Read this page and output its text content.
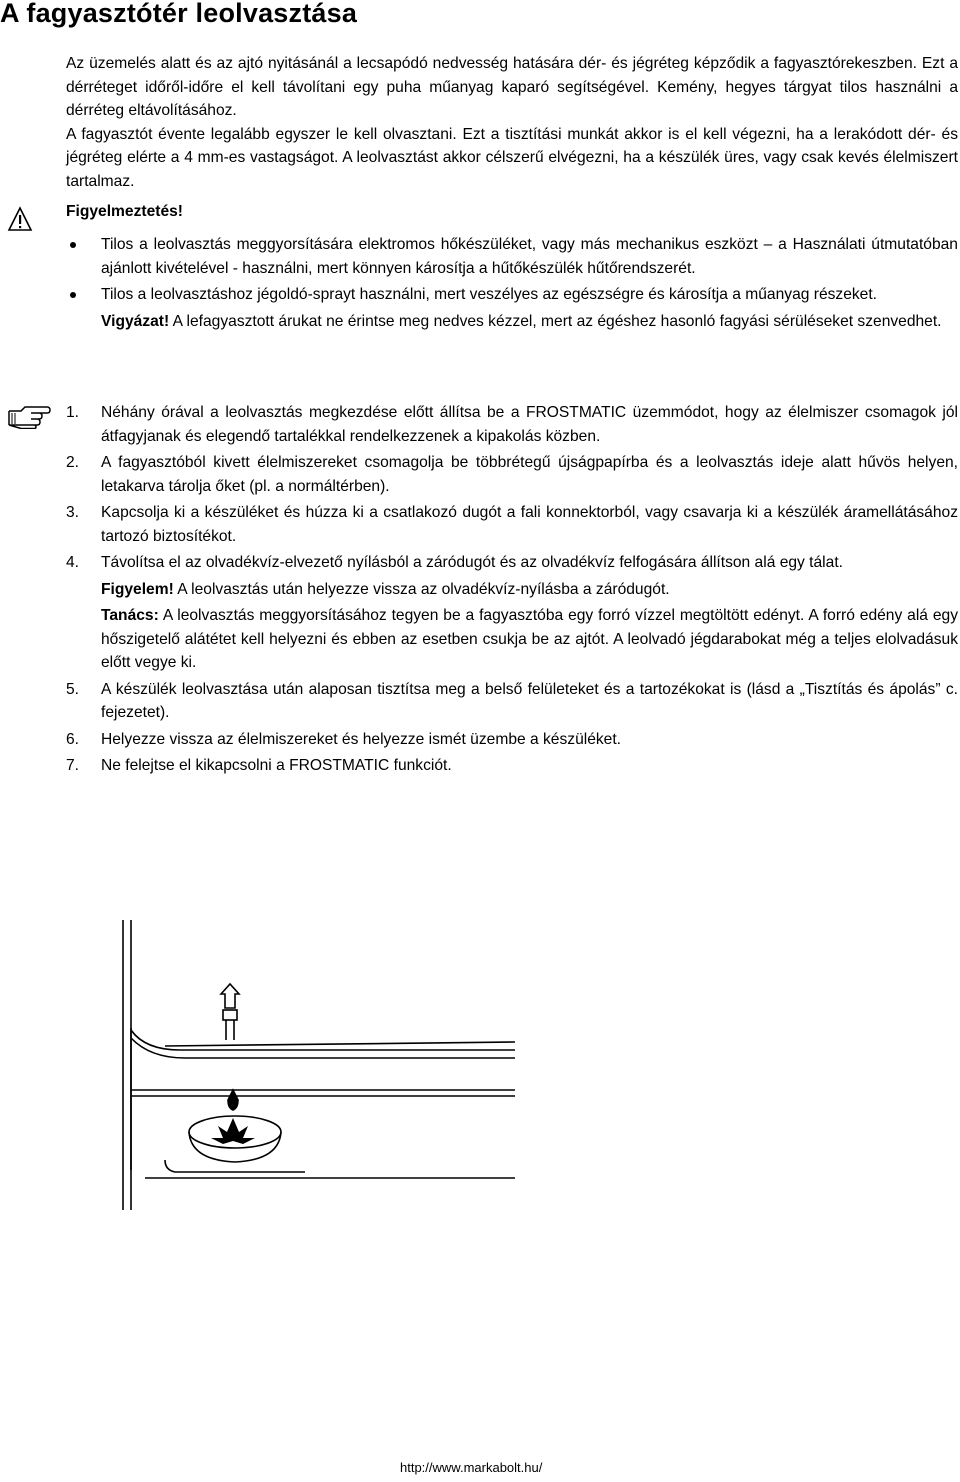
A fagyasztótér leolvasztása

Az üzemelés alatt és az ajtó nyitásánál a lecsapódó nedvesség hatására dér- és jégréteg képződik a fagyasztórekeszben. Ezt a dérréteget időről-időre el kell távolítani egy puha műanyag kaparó segítségével. Kemény, hegyes tárgyat tilos használni a dérréteg eltávolításához.

A fagyasztót évente legalább egyszer le kell olvasztani. Ezt a tisztítási munkát akkor is el kell végezni, ha a lerakódott dér- és jégréteg elérte a 4 mm-es vastagságot. A leolvasztást akkor célszerű elvégezni, ha a készülék üres, vagy csak kevés élelmiszert tartalmaz.

Figyelmeztetés!
Tilos a leolvasztás meggyorsítására elektromos hőkészüléket, vagy más mechanikus eszközt – a Használati útmutatóban ajánlott kivételével - használni, mert könnyen károsítja a hűtőkészülék hűtőrendszerét.
Tilos a leolvasztáshoz jégoldó-sprayt használni, mert veszélyes az egészségre és károsítja a műanyag részeket.
Vigyázat! A lefagyasztott árukat ne érintse meg nedves kézzel, mert az égéshez hasonló fagyási sérüléseket szenvedhet.
1. Néhány órával a leolvasztás megkezdése előtt állítsa be a FROSTMATIC üzemmódot, hogy az élelmiszer csomagok jól átfagyjanak és elegendő tartalékkal rendelkezzenek a kipakolás közben.
2. A fagyasztóból kivett élelmiszereket csomagolja be többrétegű újságpapírba és a leolvasztás ideje alatt hűvös helyen, letakarva tárolja őket (pl. a normáltérben).
3. Kapcsolja ki a készüléket és húzza ki a csatlakozó dugót a fali konnektorból, vagy csavarja ki a készülék áramellátásához tartozó biztosítékot.
4. Távolítsa el az olvadékvíz-elvezető nyílásból a záródugót és az olvadékvíz felfogására állítson alá egy tálat.
Figyelem! A leolvasztás után helyezze vissza az olvadékvíz-nyílásba a záródugót.
Tanács: A leolvasztás meggyorsításához tegyen be a fagyasztóba egy forró vízzel megtöltött edényt. A forró edény alá egy hőszigetelő alátétet kell helyezni és ebben az esetben csukja be az ajtót. A leolvadó jégdarabokat még a teljes elolvadásuk előtt vegye ki.
5. A készülék leolvasztása után alaposan tisztítsa meg a belső felületeket és a tartozékokat is (lásd a „Tisztítás és ápolás” c. fejezetet).
6. Helyezze vissza az élelmiszereket és helyezze ismét üzembe a készüléket.
7. Ne felejtse el kikapcsolni a FROSTMATIC funkciót.
http://www.markabolt.hu/
